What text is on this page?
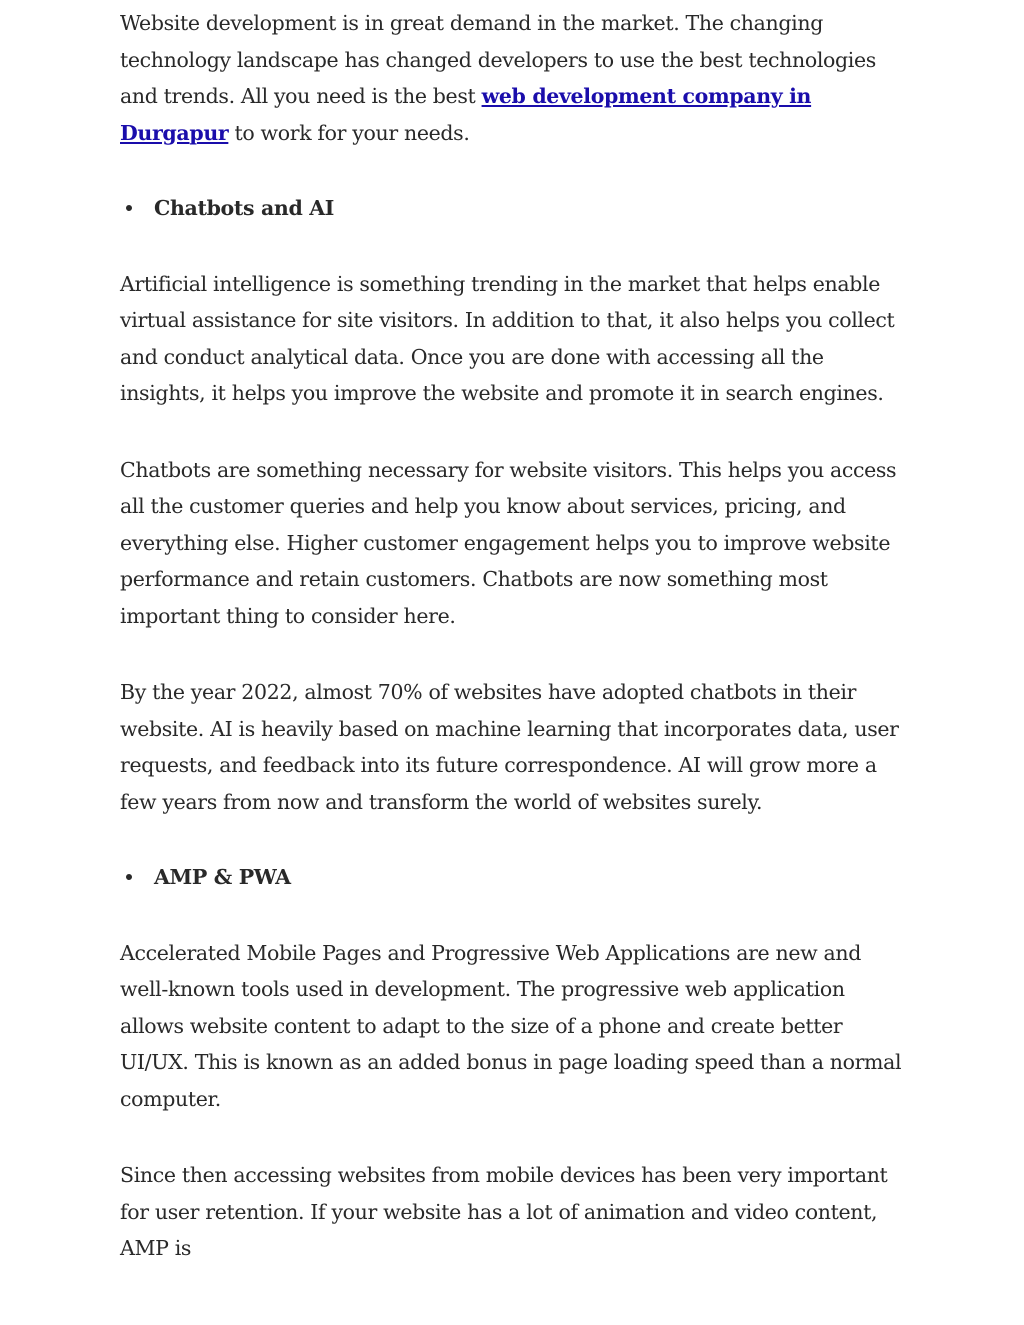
Website development is in great demand in the market. The changing technology landscape has changed developers to use the best technologies and trends. All you need is the best web development company in Durgapur to work for your needs.

Chatbots and AI

Artificial intelligence is something trending in the market that helps enable virtual assistance for site visitors. In addition to that, it also helps you collect and conduct analytical data. Once you are done with accessing all the insights, it helps you improve the website and promote it in search engines.

Chatbots are something necessary for website visitors. This helps you access all the customer queries and help you know about services, pricing, and everything else. Higher customer engagement helps you to improve website performance and retain customers. Chatbots are now something most important thing to consider here.

By the year 2022, almost 70% of websites have adopted chatbots in their website. AI is heavily based on machine learning that incorporates data, user requests, and feedback into its future correspondence. AI will grow more a few years from now and transform the world of websites surely.

AMP & PWA

Accelerated Mobile Pages and Progressive Web Applications are new and well-known tools used in development. The progressive web application allows website content to adapt to the size of a phone and create better UI/UX. This is known as an added bonus in page loading speed than a normal computer.

Since then accessing websites from mobile devices has been very important for user retention. If your website has a lot of animation and video content, AMP is
